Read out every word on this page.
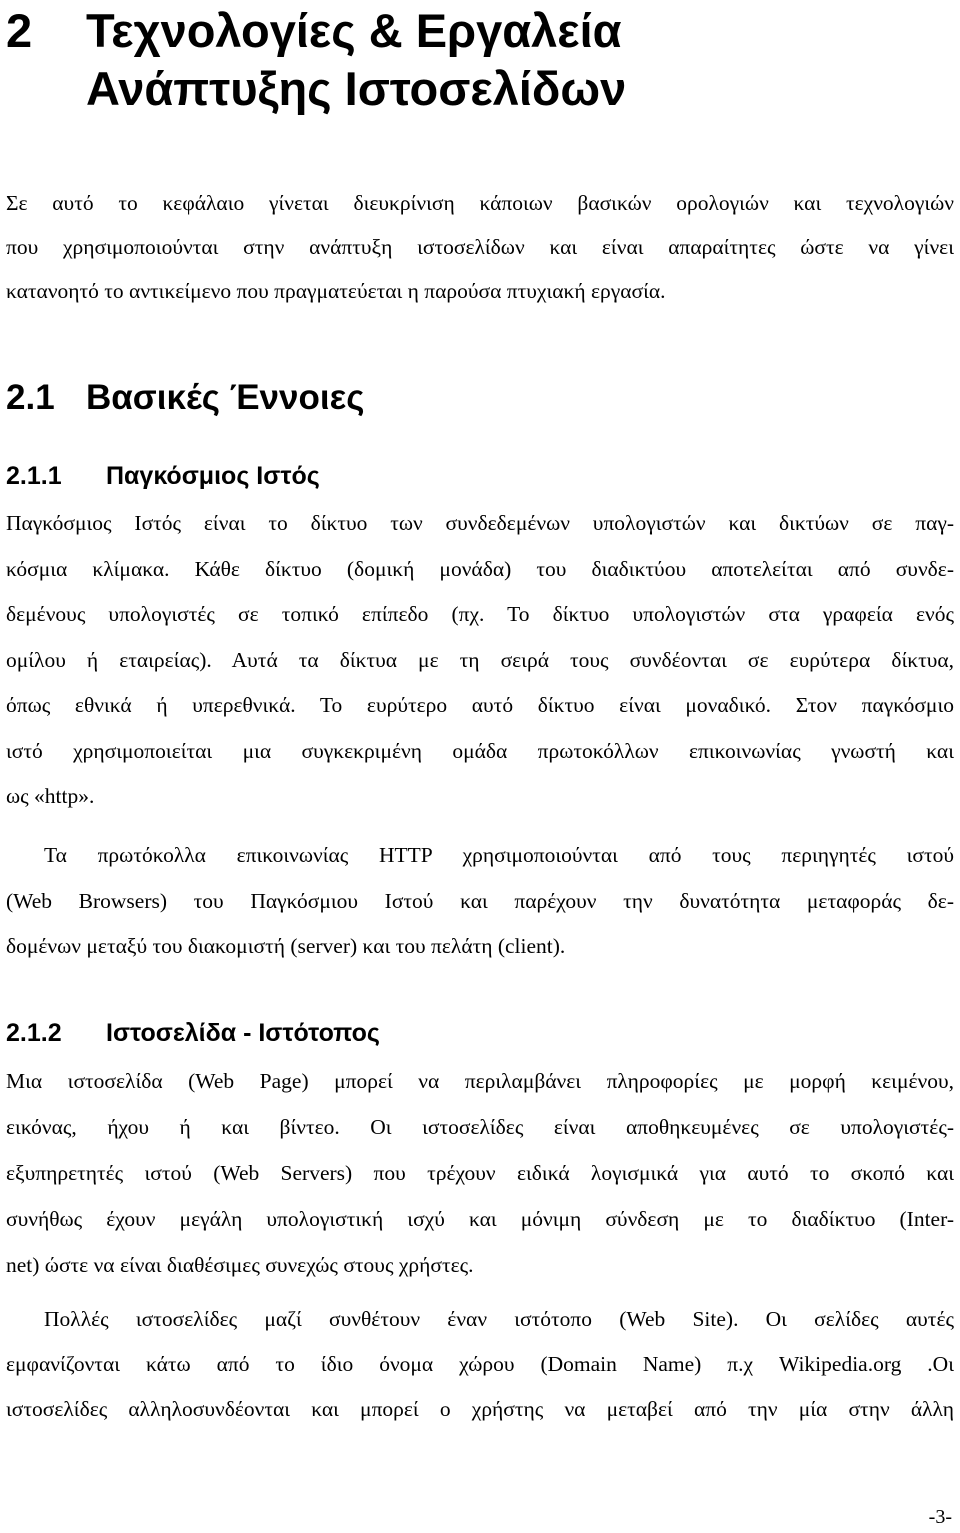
2 Τεχνολογίες & Εργαλεία
Ανάπτυξης Ιστοσελίδων
Σε αυτό το κεφάλαιο γίνεται διευκρίνιση κάποιων βασικών ορολογιών και τεχνολογιών
που χρησιμοποιούνται στην ανάπτυξη ιστοσελίδων και είναι απαραίτητες ώστε να γίνει
κατανοητό το αντικείμενο που πραγματεύεται η παρούσα πτυχιακή εργασία.
2.1 Βασικές Έννοιες
2.1.1 Παγκόσμιος Ιστός
Παγκόσμιος Ιστός είναι το δίκτυο των συνδεδεμένων υπολογιστών και δικτύων σε παγ-
κόσμια κλίμακα. Κάθε δίκτυο (δομική μονάδα) του διαδικτύου αποτελείται από συνδε-
δεμένους υπολογιστές σε τοπικό επίπεδο (πχ. Το δίκτυο υπολογιστών στα γραφεία ενός
ομίλου ή εταιρείας). Αυτά τα δίκτυα με τη σειρά τους συνδέονται σε ευρύτερα δίκτυα,
όπως εθνικά ή υπερεθνικά. Το ευρύτερο αυτό δίκτυο είναι μοναδικό. Στον παγκόσμιο
ιστό χρησιμοποιείται μια συγκεκριμένη ομάδα πρωτοκόλλων επικοινωνίας γνωστή και
ως «http».
Τα πρωτόκολλα επικοινωνίας HTTP χρησιμοποιούνται από τους περιηγητές ιστού
(Web Browsers) του Παγκόσμιου Ιστού και παρέχουν την δυνατότητα μεταφοράς δε-
δομένων μεταξύ του διακομιστή (server) και του πελάτη (client).
2.1.2 Ιστοσελίδα - Ιστότοπος
Μια ιστοσελίδα (Web Page) μπορεί να περιλαμβάνει πληροφορίες με μορφή κειμένου,
εικόνας, ήχου ή και βίντεο. Οι ιστοσελίδες είναι αποθηκευμένες σε υπολογιστές-
εξυπηρετητές ιστού (Web Servers) που τρέχουν ειδικά λογισμικά για αυτό το σκοπό και
συνήθως έχουν μεγάλη υπολογιστική ισχύ και μόνιμη σύνδεση με το διαδίκτυο (Inter-
net) ώστε να είναι διαθέσιμες συνεχώς στους χρήστες.
Πολλές ιστοσελίδες μαζί συνθέτουν έναν ιστότοπο (Web Site). Οι σελίδες αυτές
εμφανίζονται κάτω από το ίδιο όνομα χώρου (Domain Name) π.χ Wikipedia.org .Οι
ιστοσελίδες αλληλοσυνδέονται και μπορεί ο χρήστης να μεταβεί από την μία στην άλλη
-3-
